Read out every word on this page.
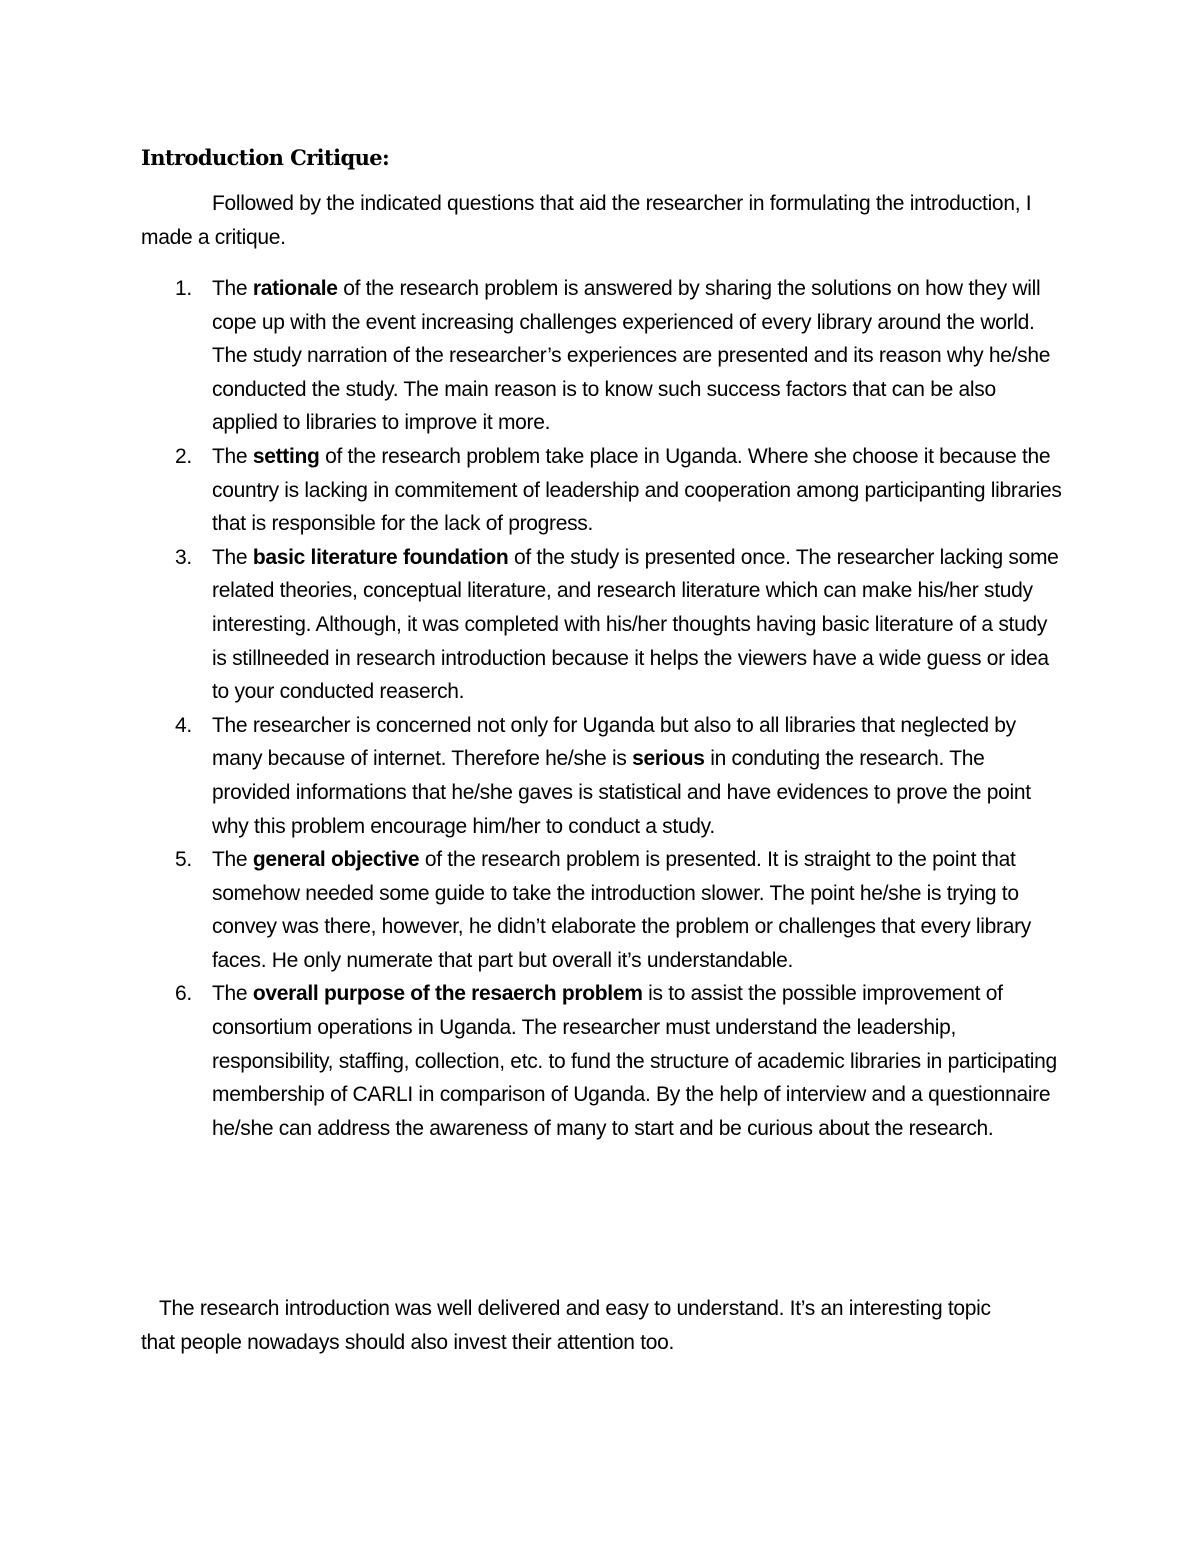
Introduction Critique:

Followed by the indicated questions that aid the researcher in formulating the introduction, I made a critique.

1. The rationale of the research problem is answered by sharing the solutions on how they will cope up with the event increasing challenges experienced of every library around the world. The study narration of the researcher’s experiences are presented and its reason why he/she conducted the study. The main reason is to know such success factors that can be also applied to libraries to improve it more.
2. The setting of the research problem take place in Uganda. Where she choose it because the country is lacking in commitement of leadership and cooperation among participanting libraries that is responsible for the lack of progress.
3. The basic literature foundation of the study is presented once. The researcher lacking some related theories, conceptual literature, and research literature which can make his/her study interesting. Although, it was completed with his/her thoughts having basic literature of a study is stillneeded in research introduction because it helps the viewers have a wide guess or idea to your conducted reaserch.
4. The researcher is concerned not only for Uganda but also to all libraries that neglected by many because of internet. Therefore he/she is serious in conduting the research. The provided informations that he/she gaves is statistical and have evidences to prove the point why this problem encourage him/her to conduct a study.
5. The general objective of the research problem is presented. It is straight to the point that somehow needed some guide to take the introduction slower. The point he/she is trying to convey was there, however, he didn’t elaborate the problem or challenges that every library faces. He only numerate that part but overall it’s understandable.
6. The overall purpose of the resaerch problem is to assist the possible improvement of consortium operations in Uganda. The researcher must understand the leadership, responsibility, staffing, collection, etc. to fund the structure of academic libraries in participating membership of CARLI in comparison of Uganda. By the help of interview and a questionnaire he/she can address the awareness of many to start and be curious about the research.

The research introduction was well delivered and easy to understand. It’s an interesting topic that people nowadays should also invest their attention too.
